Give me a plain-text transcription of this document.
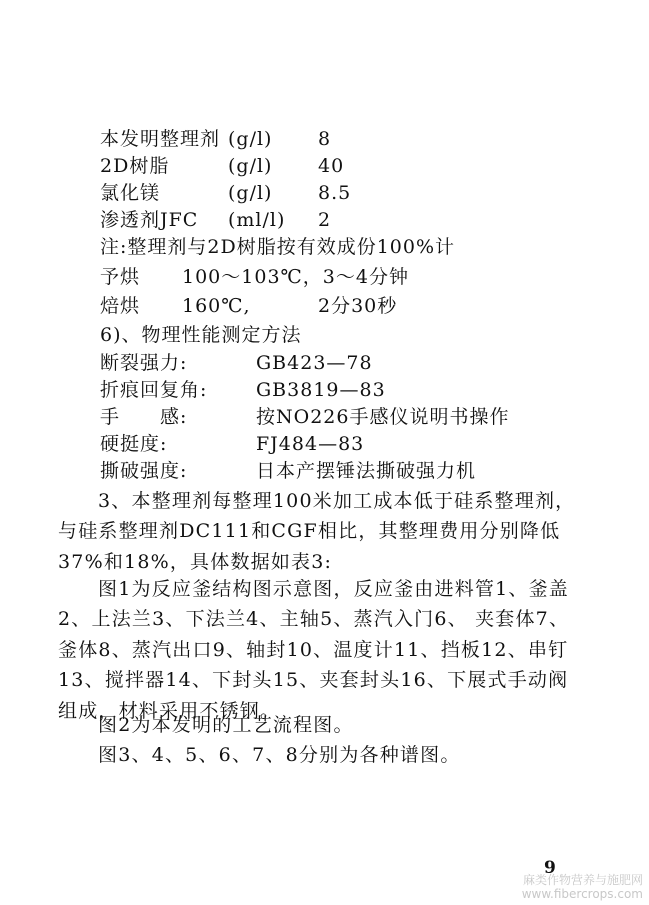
本发明整理剂 (g/l) 8
2D树脂	(g/l) 40
氯化镁	(g/l) 8.5
渗透剂JFC (ml/l) 2
注:整理剂与2D树脂按有效成份100%计
予烘 100～103℃，3～4分钟
焙烘 160℃,	2分30秒
6)、物理性能测定方法
断裂强力:	GB423—78
折痕回复角:	GB3819—83
手　　感:	按NO226手感仪说明书操作
硬挺度:	FJ484—83
撕破强度:	日本产摆锤法撕破强力机
3、本整理剂每整理100米加工成本低于硅系整理剂，与硅系整理剂DC111和CGF相比，其整理费用分别降低37%和18%，具体数据如表3:
图1为反应釜结构图示意图，反应釜由进料管1、釜盖2、上法兰3、下法兰4、主轴5、蒸汽入门6、 夹套体7、釜体8、蒸汽出口9、轴封10、温度计11、挡板12、串钉13、搅拌器14、下封头15、夹套封头16、下展式手动阀组成，材料采用不锈钢。
图2为本发明的工艺流程图。
图3、4、5、6、7、8分别为各种谱图。
9
麻类作物营养与施肥网
www.fibercrops.com
